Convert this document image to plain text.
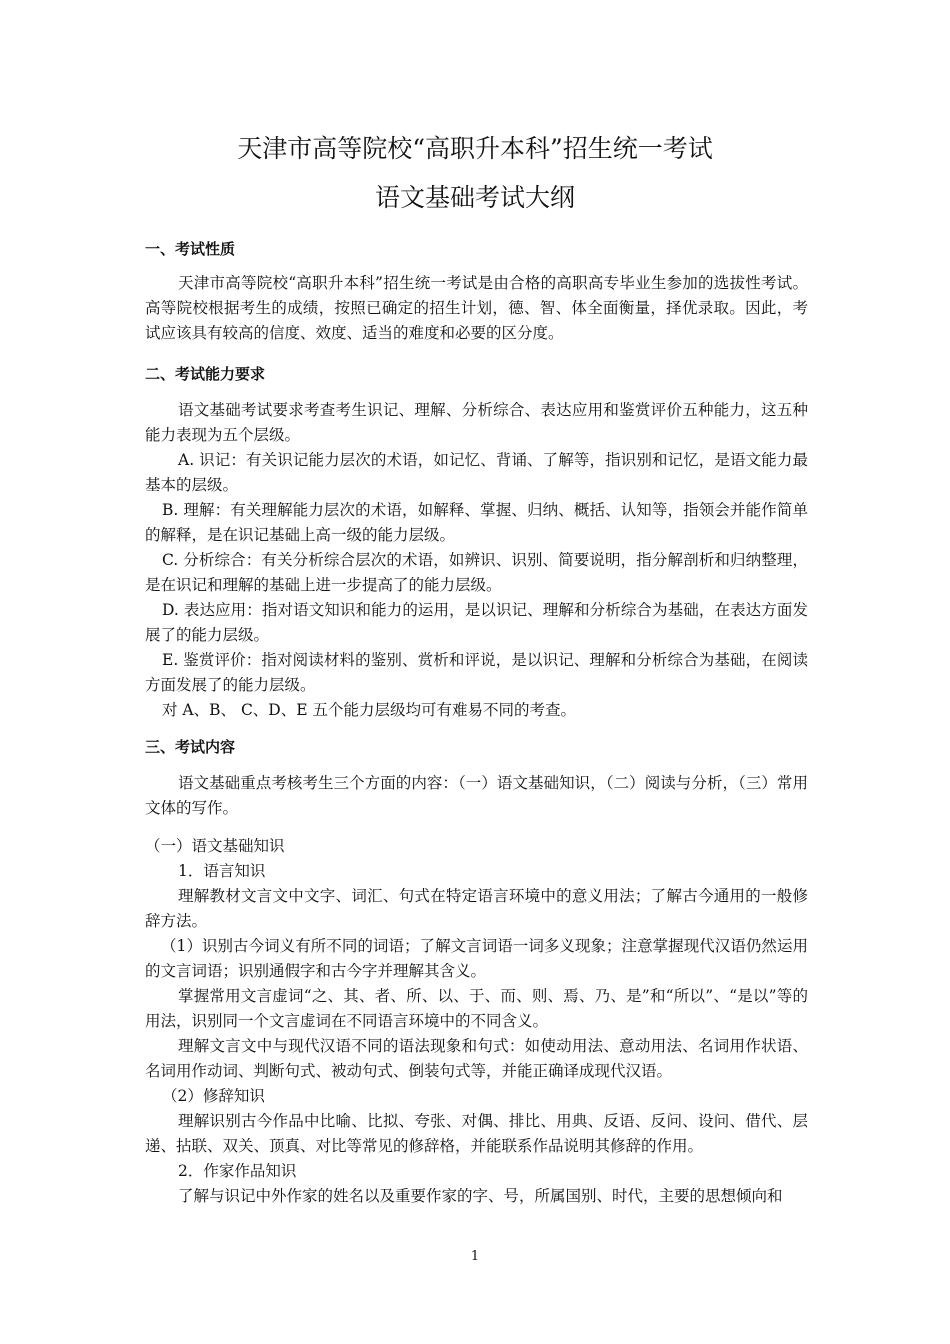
天津市高等院校“高职升本科”招生统一考试
语文基础考试大纲
一、考试性质
天津市高等院校“高职升本科”招生统一考试是由合格的高职高专毕业生参加的选拔性考试。高等院校根据考生的成绩，按照已确定的招生计划，德、智、体全面衡量，择优录取。因此，考试应该具有较高的信度、效度、适当的难度和必要的区分度。
二、考试能力要求
语文基础考试要求考查考生识记、理解、分析综合、表达应用和鉴赏评价五种能力，这五种能力表现为五个层级。
A. 识记：有关识记能力层次的术语，如记忆、背诵、了解等，指识别和记忆，是语文能力最基本的层级。
B. 理解：有关理解能力层次的术语，如解释、掌握、归纳、概括、认知等，指领会并能作简单的解释，是在识记基础上高一级的能力层级。
C. 分析综合：有关分析综合层次的术语，如辨识、识别、简要说明，指分解剖析和归纳整理，是在识记和理解的基础上进一步提高了的能力层级。
D. 表达应用：指对语文知识和能力的运用，是以识记、理解和分析综合为基础，在表达方面发展了的能力层级。
E. 鉴赏评价：指对阅读材料的鉴别、赏析和评说，是以识记、理解和分析综合为基础，在阅读方面发展了的能力层级。
对 A、B、 C、D、E 五个能力层级均可有难易不同的考查。
三、考试内容
语文基础重点考核考生三个方面的内容：（一）语文基础知识，（二）阅读与分析，（三）常用文体的写作。
（一）语文基础知识
1．语言知识
理解教材文言文中文字、词汇、句式在特定语言环境中的意义用法；了解古今通用的一般修辞方法。
（1）识别古今词义有所不同的词语；了解文言词语一词多义现象；注意掌握现代汉语仍然运用的文言词语；识别通假字和古今字并理解其含义。
掌握常用文言虚词“之、其、者、所、以、于、而、则、焉、乃、是”和“所以”、“是以”等的用法，识别同一个文言虚词在不同语言环境中的不同含义。
理解文言文中与现代汉语不同的语法现象和句式：如使动用法、意动用法、名词用作状语、名词用作动词、判断句式、被动句式、倒装句式等，并能正确译成现代汉语。
（2）修辞知识
理解识别古今作品中比喻、比拟、夸张、对偶、排比、用典、反语、反问、设问、借代、层递、拈联、双关、顶真、对比等常见的修辞格，并能联系作品说明其修辞的作用。
2．作家作品知识
了解与识记中外作家的姓名以及重要作家的字、号，所属国别、时代，主要的思想倾向和
1
